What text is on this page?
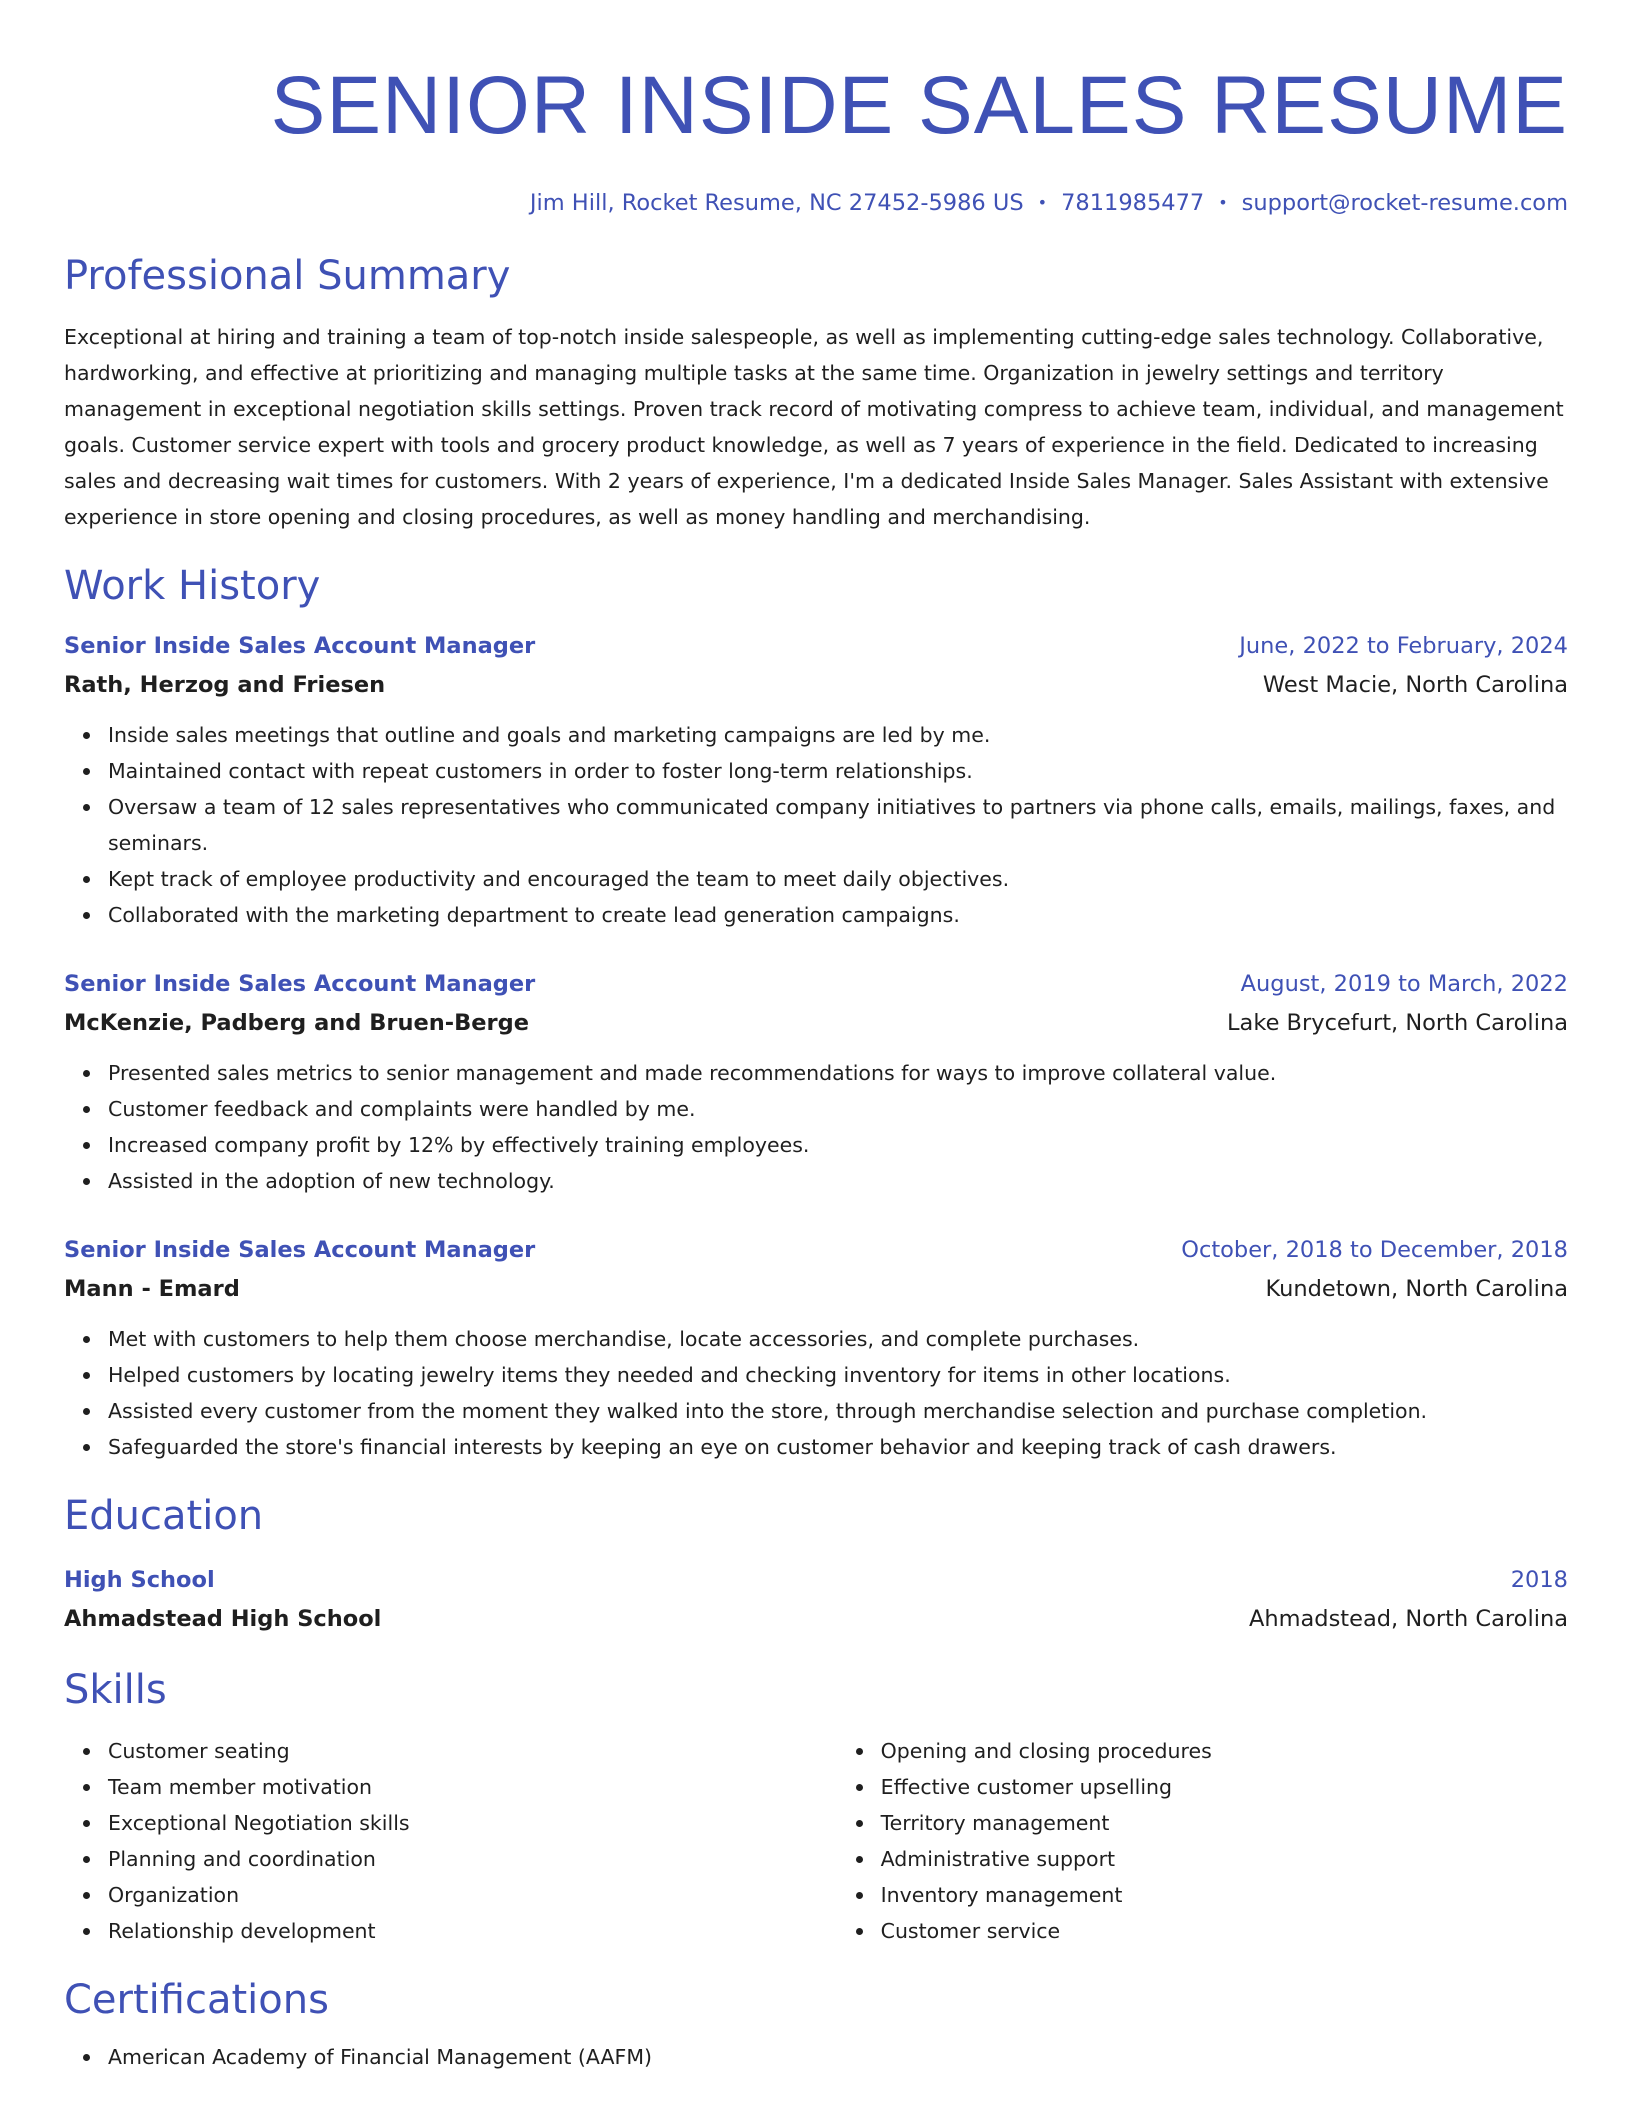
SENIOR INSIDE SALES RESUME
Jim Hill, Rocket Resume, NC 27452-5986 US • 7811985477 • support@rocket-resume.com
Professional Summary

Exceptional at hiring and training a team of top-notch inside salespeople, as well as implementing cutting-edge sales technology. Collaborative, hardworking, and effective at prioritizing and managing multiple tasks at the same time. Organization in jewelry settings and territory management in exceptional negotiation skills settings. Proven track record of motivating compress to achieve team, individual, and management goals. Customer service expert with tools and grocery product knowledge, as well as 7 years of experience in the field. Dedicated to increasing sales and decreasing wait times for customers. With 2 years of experience, I'm a dedicated Inside Sales Manager. Sales Assistant with extensive experience in store opening and closing procedures, as well as money handling and merchandising.

Work History
Senior Inside Sales Account Manager	June, 2022 to February, 2024
Rath, Herzog and Friesen	West Macie, North Carolina
Inside sales meetings that outline and goals and marketing campaigns are led by me.
Maintained contact with repeat customers in order to foster long-term relationships.
Oversaw a team of 12 sales representatives who communicated company initiatives to partners via phone calls, emails, mailings, faxes, and seminars.
Kept track of employee productivity and encouraged the team to meet daily objectives.
Collaborated with the marketing department to create lead generation campaigns.
Senior Inside Sales Account Manager	August, 2019 to March, 2022
McKenzie, Padberg and Bruen-Berge	Lake Brycefurt, North Carolina
Presented sales metrics to senior management and made recommendations for ways to improve collateral value.
Customer feedback and complaints were handled by me.
Increased company profit by 12% by effectively training employees.
Assisted in the adoption of new technology.
Senior Inside Sales Account Manager	October, 2018 to December, 2018
Mann - Emard	Kundetown, North Carolina
Met with customers to help them choose merchandise, locate accessories, and complete purchases.
Helped customers by locating jewelry items they needed and checking inventory for items in other locations.
Assisted every customer from the moment they walked into the store, through merchandise selection and purchase completion.
Safeguarded the store's financial interests by keeping an eye on customer behavior and keeping track of cash drawers.
Education
High School	2018
Ahmadstead High School	Ahmadstead, North Carolina
Skills
Customer seating
Team member motivation
Exceptional Negotiation skills
Planning and coordination
Organization
Relationship development
Opening and closing procedures
Effective customer upselling
Territory management
Administrative support
Inventory management
Customer service
Certifications
American Academy of Financial Management (AAFM)
